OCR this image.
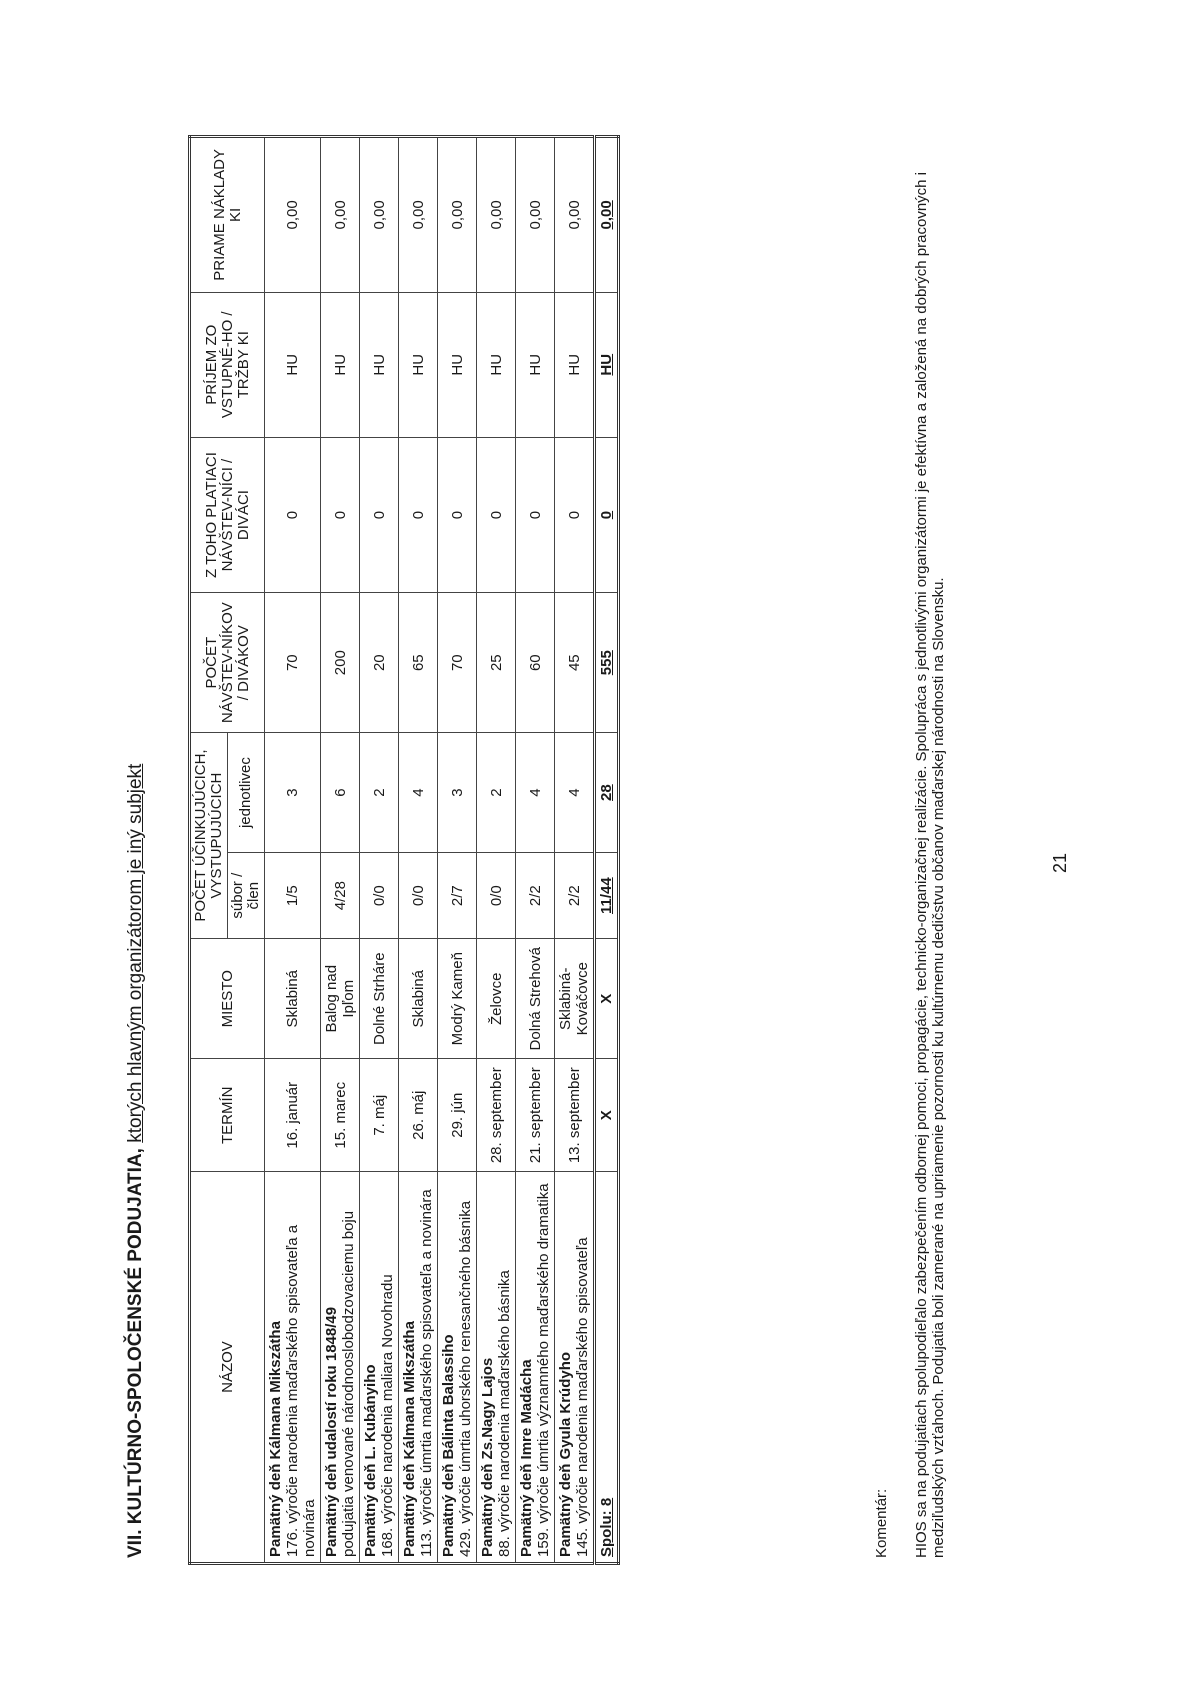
VII. KULTÚRNO-SPOLOČENSKÉ PODUJATIA, ktorých hlavným organizátorom je iný subjekt
NÁZOV	TERMÍN	MIESTO	POČET ÚČINKUJÚCICH, VYSTUPUJÚCICH		POČET NÁVŠTEV-NÍKOV / DIVÁKOV	Z TOHO PLATIACI NÁVŠTEV-NÍCI / DIVÁCI	PRÍJEM ZO VSTUPNÉ-HO / TRŽBY KI	PRIAME NÁKLADY KI
			súbor / člen	jednotlivec				

Pamätný deň Kálmana Mikszátha 176. výročie narodenia maďarského spisovateľa a novinára	16. január	Sklabiná	1/5	3	70	0	HU	0,00

Pamätný deň udalostí roku 1848/49 podujatia venované národnooslobodzovaciemu boju	15. marec	Balog nad Ipľom	4/28	6	200	0	HU	0,00

Pamätný deň L. Kubányiho 168. výročie narodenia maliara Novohradu	7. máj	Dolné Strháre	0/0	2	20	0	HU	0,00

Pamätný deň Kálmana Mikszátha 113. výročie úmrtia maďarského spisovateľa a novinára	26. máj	Sklabiná	0/0	4	65	0	HU	0,00

Pamätný deň Bálinta Balassiho 429. výročie úmrtia uhorského renesančného básnika	29. jún	Modrý Kameň	2/7	3	70	0	HU	0,00

Pamätný deň Zs.Nagy Lajos 88. výročie narodenia maďarského básnika	28. september	Želovce	0/0	2	25	0	HU	0,00

Pamätný deň Imre Madácha 159. výročie úmrtia významného maďarského dramatika	21. september	Dolná Strehová	2/2	4	60	0	HU	0,00

Pamätný deň Gyula Krúdyho 145. výročie narodenia maďarského spisovateľa	13. september	Sklabiná-Kováčovce	2/2	4	45	0	HU	0,00
Spolu: 8	X	X	11/44	28	555	0	HU	0,00
Komentár: HIOS sa na podujatiach spolupodieľalo zabezpečením odbornej pomoci, propagácie, technicko-organizačnej realizácie. Spolupráca s jednotlivými organizátormi je efektívna a založená na dobrých pracovných i medziľudských vzťahoch. Podujatia boli zamerané na upriamenie pozornosti ku kultúrnemu dedičstvu občanov maďarskej národnosti na Slovensku.	21
